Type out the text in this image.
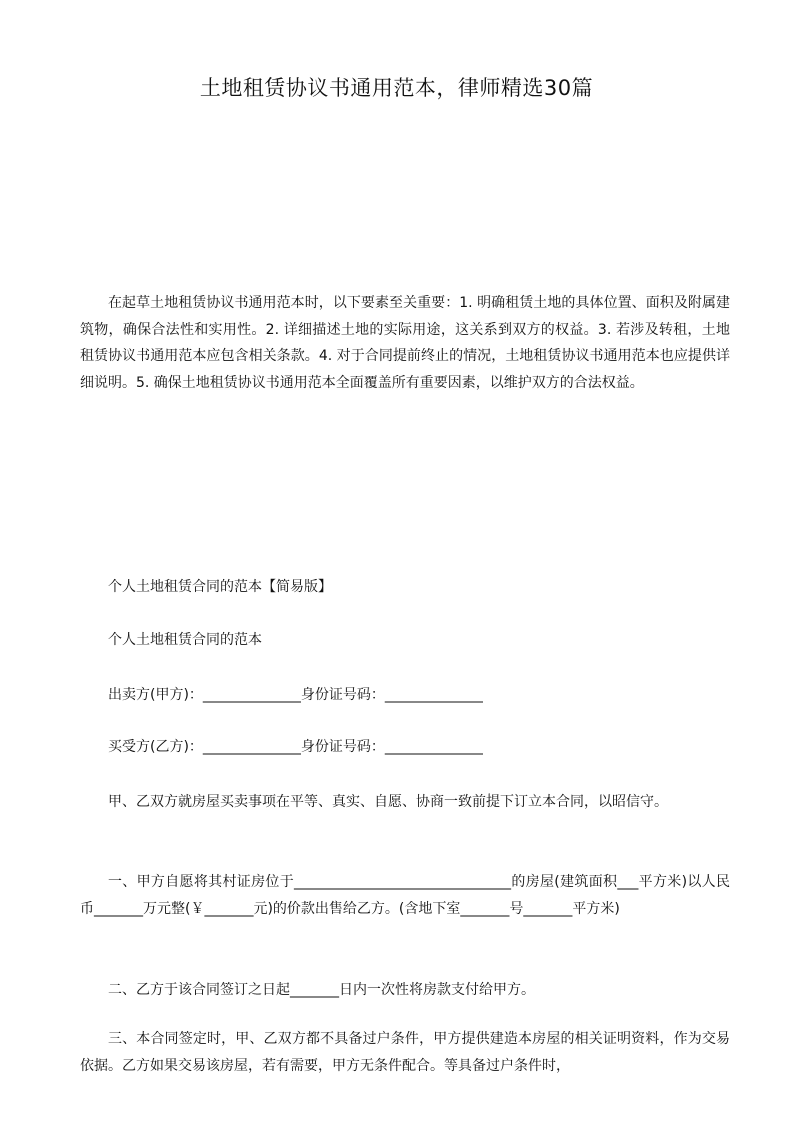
土地租赁协议书通用范本，律师精选30篇

在起草土地租赁协议书通用范本时，以下要素至关重要：1. 明确租赁土地的具体位置、面积及附属建筑物，确保合法性和实用性。2. 详细描述土地的实际用途，这关系到双方的权益。3. 若涉及转租，土地租赁协议书通用范本应包含相关条款。4. 对于合同提前终止的情况，土地租赁协议书通用范本也应提供详细说明。5. 确保土地租赁协议书通用范本全面覆盖所有重要因素，以维护双方的合法权益。

个人土地租赁合同的范本【简易版】

个人土地租赁合同的范本

出卖方(甲方)：______________身份证号码：______________

买受方(乙方)：______________身份证号码：______________

甲、乙双方就房屋买卖事项在平等、真实、自愿、协商一致前提下订立本合同，以昭信守。

一、甲方自愿将其村证房位于_______________________________的房屋(建筑面积___平方米)以人民币_______万元整(￥_______元)的价款出售给乙方。(含地下室_______号_______平方米)

二、乙方于该合同签订之日起_______日内一次性将房款支付给甲方。

三、本合同签定时，甲、乙双方都不具备过户条件，甲方提供建造本房屋的相关证明资料，作为交易依据。乙方如果交易该房屋，若有需要，甲方无条件配合。等具备过户条件时，
